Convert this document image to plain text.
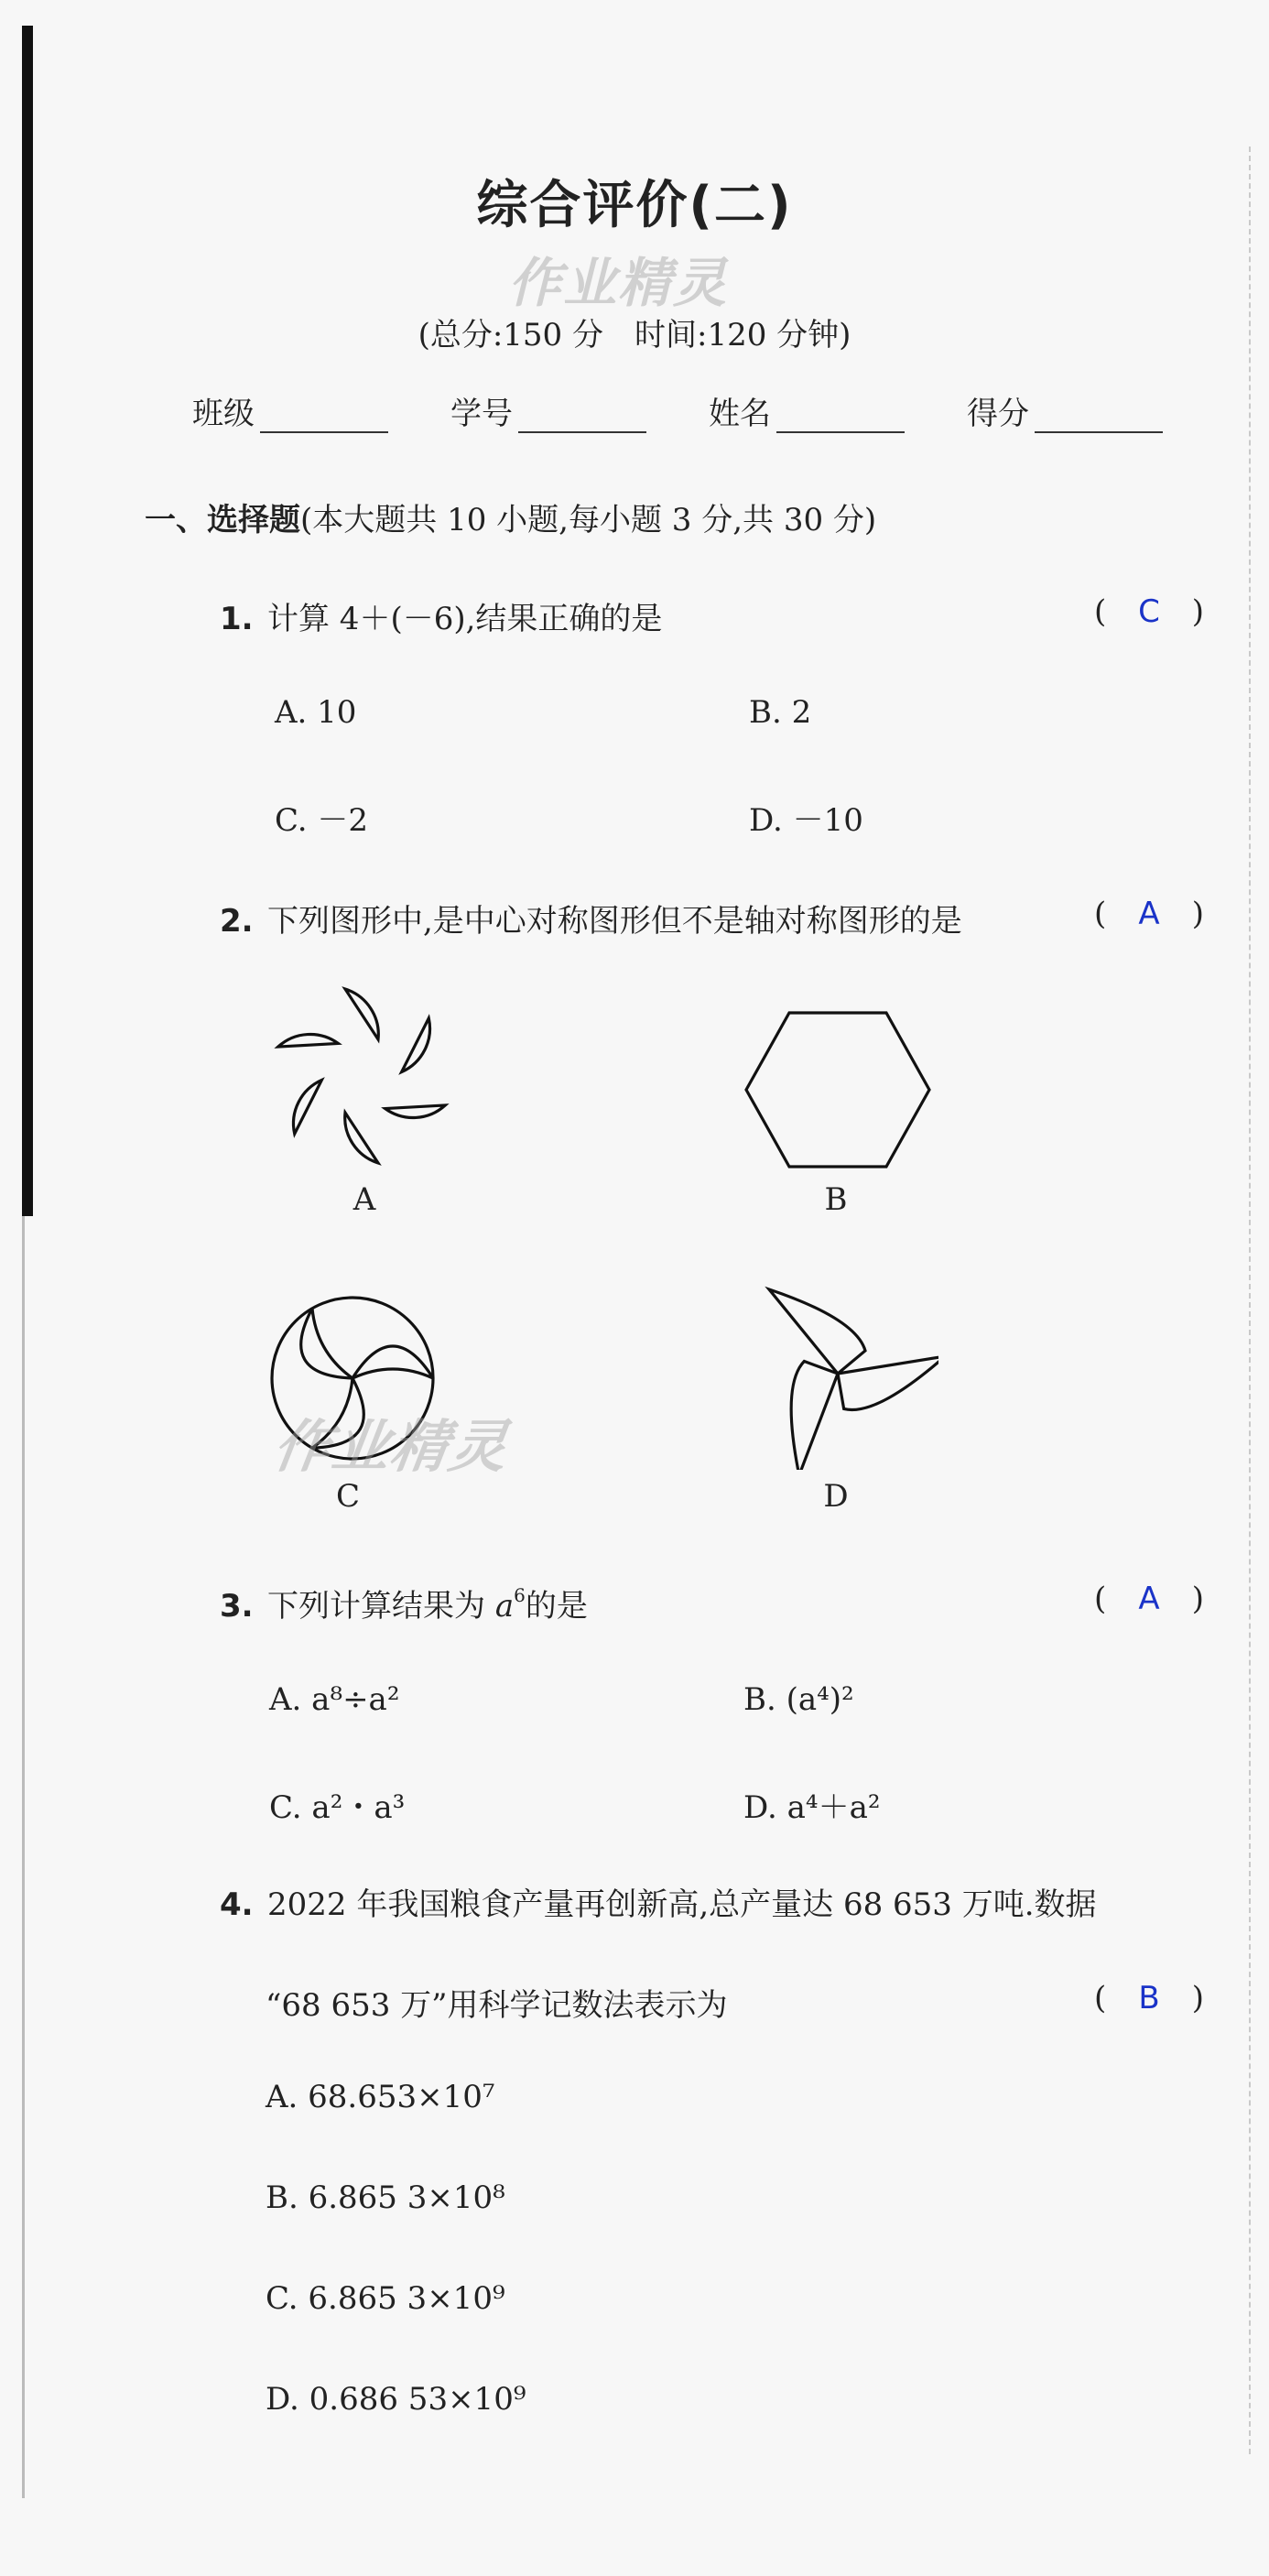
综合评价(二)
作业精灵
(总分:150 分　时间:120 分钟)
班级	学号	姓名	得分
一、选择题(本大题共 10 小题,每小题 3 分,共 30 分)
1. 计算 4＋(－6),结果正确的是	( C )
A. 10	B. 2
C. －2	D. －10
2. 下列图形中,是中心对称图形但不是轴对称图形的是	( A )
A	B
C
作业精灵
D
3. 下列计算结果为 $a^6$的是	( A )
A. a⁸÷a²	B. (a⁴)²
C. a²・a³	D. a⁴＋a²
4. 2022 年我国粮食产量再创新高,总产量达 68 653 万吨.数据
“68 653 万”用科学记数法表示为	( B )
A. 68.653×10⁷
B. 6.865 3×10⁸
C. 6.865 3×10⁹
D. 0.686 53×10⁹
